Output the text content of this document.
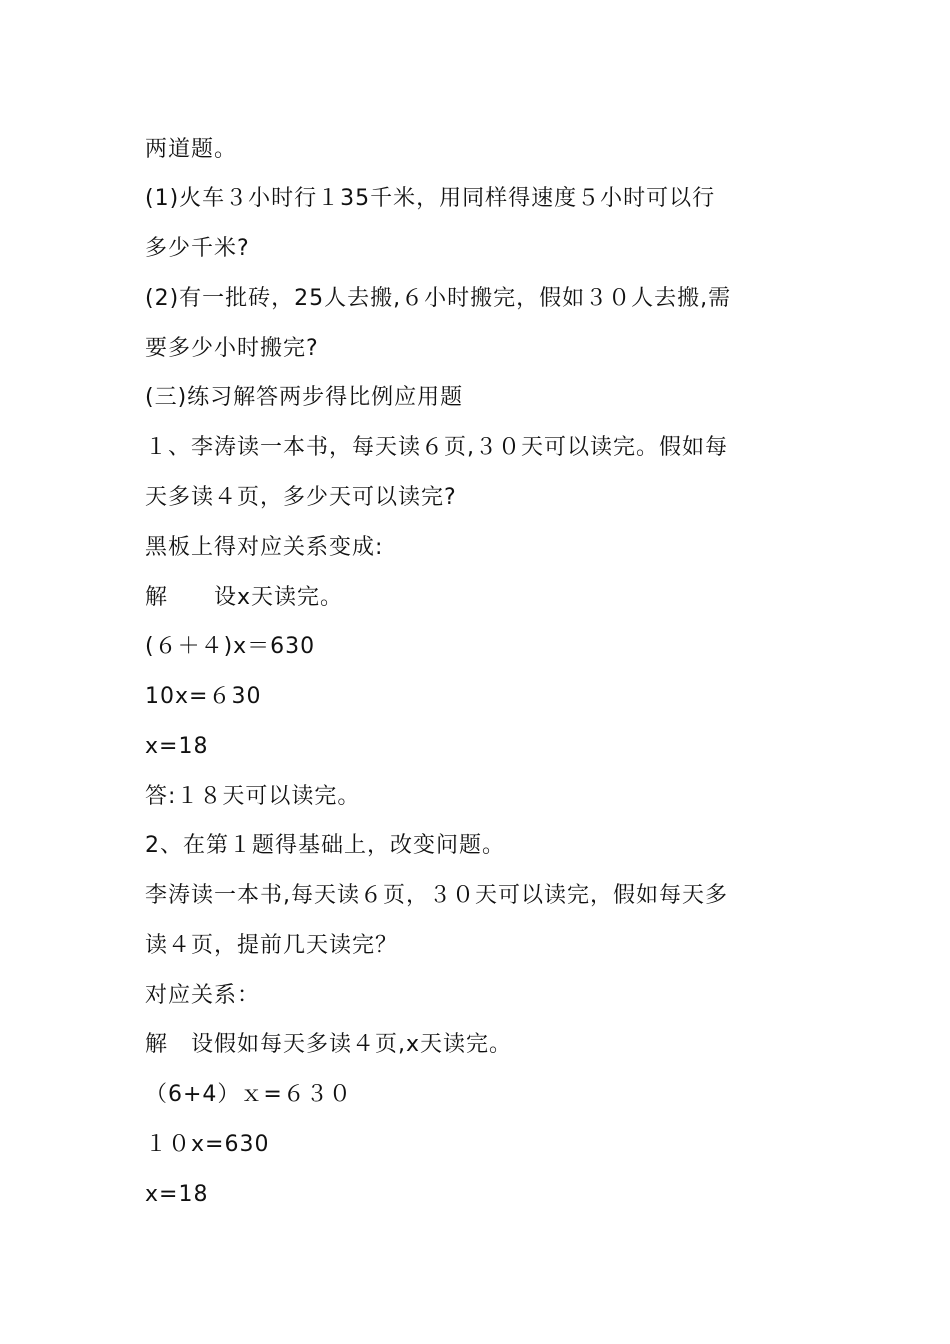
两道题。
(1)火车３小时行１35千米，用同样得速度５小时可以行
多少千米?
(2)有一批砖，25人去搬,６小时搬完，假如３０人去搬,需
要多少小时搬完?
(三)练习解答两步得比例应用题
１、李涛读一本书，每天读６页,３０天可以读完。假如每
天多读４页，多少天可以读完?
黑板上得对应关系变成:
解　　设x天读完。
(６＋４)x＝630
10x=６30
x=18
答:１８天可以读完。
2、在第１题得基础上，改变问题。
李涛读一本书,每天读６页，３０天可以读完，假如每天多
读４页，提前几天读完？
对应关系：
解　设假如每天多读４页,x天读完。
（6+4）ｘ=６３０
１０x=630
x=18
